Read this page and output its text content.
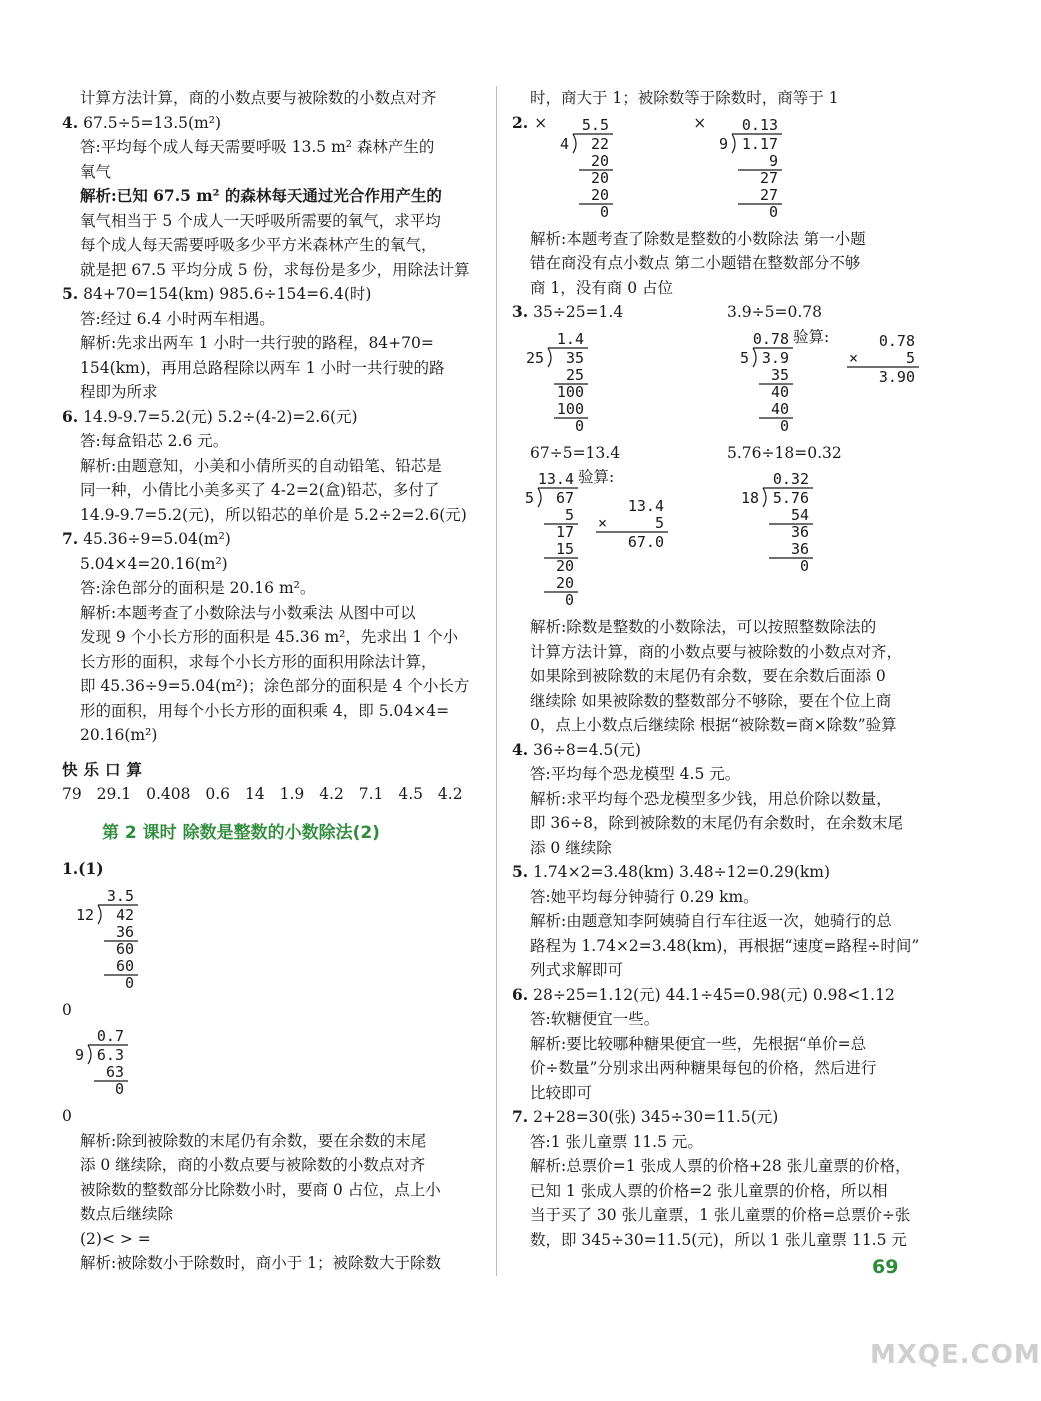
计算方法计算，商的小数点要与被除数的小数点对齐
4. 67.5÷5=13.5(m²)
答:平均每个成人每天需要呼吸 13.5 m² 森林产生的
氧气
解析:已知 67.5 m² 的森林每天通过光合作用产生的
氧气相当于 5 个成人一天呼吸所需要的氧气，求平均
每个成人每天需要呼吸多少平方米森林产生的氧气，
就是把 67.5 平均分成 5 份，求每份是多少，用除法计算
5. 84+70=154(km) 985.6÷154=6.4(时)
答:经过 6.4 小时两车相遇。
解析:先求出两车 1 小时一共行驶的路程，84+70=
154(km)，再用总路程除以两车 1 小时一共行驶的路
程即为所求
6. 14.9-9.7=5.2(元) 5.2÷(4-2)=2.6(元)
答:每盒铅芯 2.6 元。
解析:由题意知，小美和小倩所买的自动铅笔、铅芯是
同一种，小倩比小美多买了 4-2=2(盒)铅芯，多付了
14.9-9.7=5.2(元)，所以铅芯的单价是 5.2÷2=2.6(元)
7. 45.36÷9=5.04(m²)
5.04×4=20.16(m²)
答:涂色部分的面积是 20.16 m²。
解析:本题考查了小数除法与小数乘法 从图中可以
发现 9 个小长方形的面积是 45.36 m²，先求出 1 个小
长方形的面积，求每个小长方形的面积用除法计算，
即 45.36÷9=5.04(m²)；涂色部分的面积是 4 个小长方
形的面积，用每个小长方形的面积乘 4，即 5.04×4=
20.16(m²)
快乐口算
79 29.1 0.408 0.6 14 1.9 4.2 7.1 4.5 4.2
第 2 课时 除数是整数的小数除法(2)
1.(1)
3.5
12 42
36
60
60
0
0
0.7
9 6.3
63
0
0
解析:除到被除数的末尾仍有余数，要在余数的末尾
添 0 继续除，商的小数点要与被除数的小数点对齐
被除数的整数部分比除数小时，要商 0 占位，点上小
数点后继续除
(2)< > =
解析:被除数小于除数时，商小于 1；被除数大于除数
时，商大于 1；被除数等于除数时，商等于 1
2. × 5.5
4 22
20
20
20
0
× 0.13
9 1.17
9
27
27
0
解析:本题考查了除数是整数的小数除法 第一小题
错在商没有点小数点 第二小题错在整数部分不够
商 1，没有商 0 占位
3. 35÷25=1.4
1.4
25 35
25
100
100
0
3.9÷5=0.78
0.78
5 3.9
35
40
40
0
验算:	0.78
×	5
3.90
67÷5=13.4
13.4
5 67
5
17
15
20
20
0
验算:
13.4
×	5
67.0
5.76÷18=0.32
0.32
18 5.76
54
36
36
0
解析:除数是整数的小数除法，可以按照整数除法的
计算方法计算，商的小数点要与被除数的小数点对齐，
如果除到被除数的末尾仍有余数，要在余数后面添 0
继续除 如果被除数的整数部分不够除，要在个位上商
0，点上小数点后继续除 根据“被除数=商×除数”验算
4. 36÷8=4.5(元)
答:平均每个恐龙模型 4.5 元。
解析:求平均每个恐龙模型多少钱，用总价除以数量，
即 36÷8，除到被除数的末尾仍有余数时，在余数末尾
添 0 继续除
5. 1.74×2=3.48(km) 3.48÷12=0.29(km)
答:她平均每分钟骑行 0.29 km。
解析:由题意知李阿姨骑自行车往返一次，她骑行的总
路程为 1.74×2=3.48(km)，再根据“速度=路程÷时间”
列式求解即可
6. 28÷25=1.12(元) 44.1÷45=0.98(元) 0.98<1.12
答:软糖便宜一些。
解析:要比较哪种糖果便宜一些，先根据“单价=总
价÷数量”分别求出两种糖果每包的价格，然后进行
比较即可
7. 2+28=30(张) 345÷30=11.5(元)
答:1 张儿童票 11.5 元。
解析:总票价=1 张成人票的价格+28 张儿童票的价格，
已知 1 张成人票的价格=2 张儿童票的价格，所以相
当于买了 30 张儿童票，1 张儿童票的价格=总票价÷张
数，即 345÷30=11.5(元)，所以 1 张儿童票 11.5 元
69
MXQE.COM
